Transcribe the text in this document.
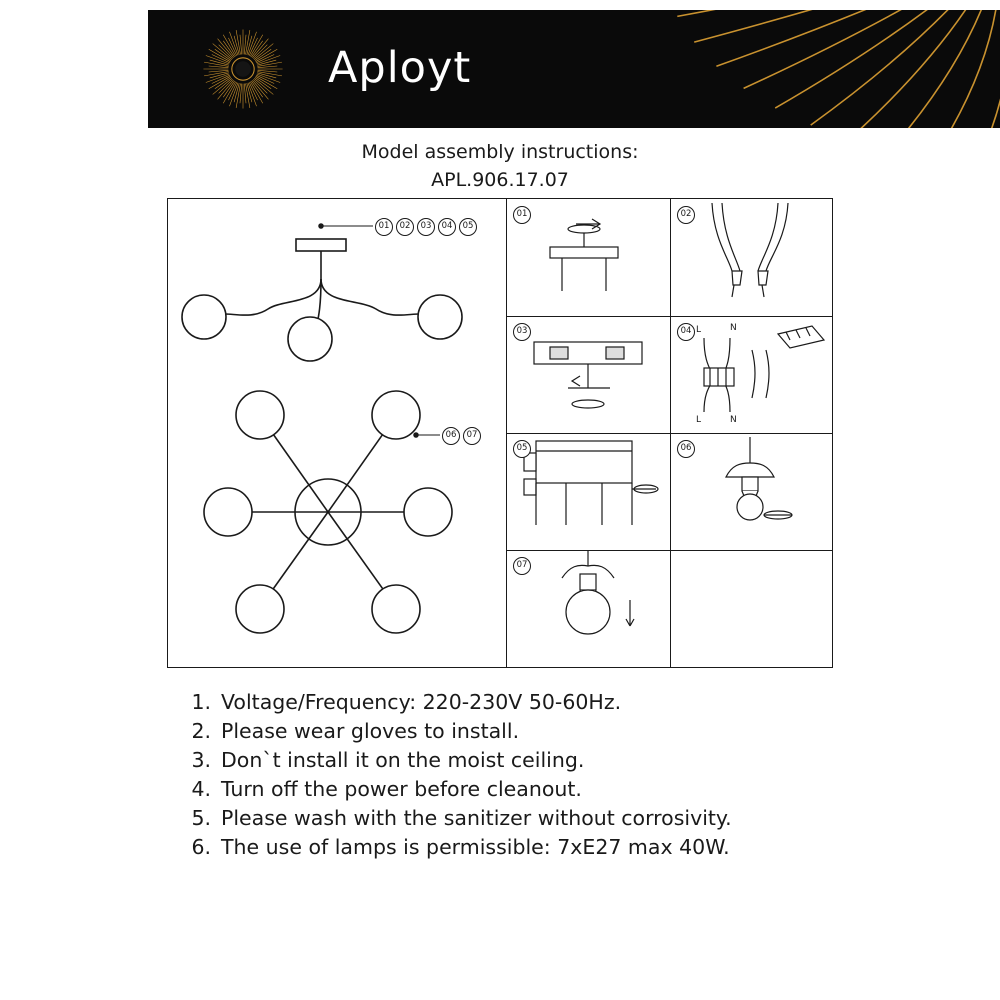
Aployt
Model assembly instructions:
APL.906.17.07
01	02	03	04	05
06	07
01	02
03	04 L	N
L	N
05	06
07
1. Voltage/Frequency: 220-230V 50-60Hz.
2. Please wear gloves to install.
3. Don`t install it on the moist ceiling.
4. Turn off the power before cleanout.
5. Please wash with the sanitizer without corrosivity.
6. The use of lamps is permissible: 7xE27 max 40W.
